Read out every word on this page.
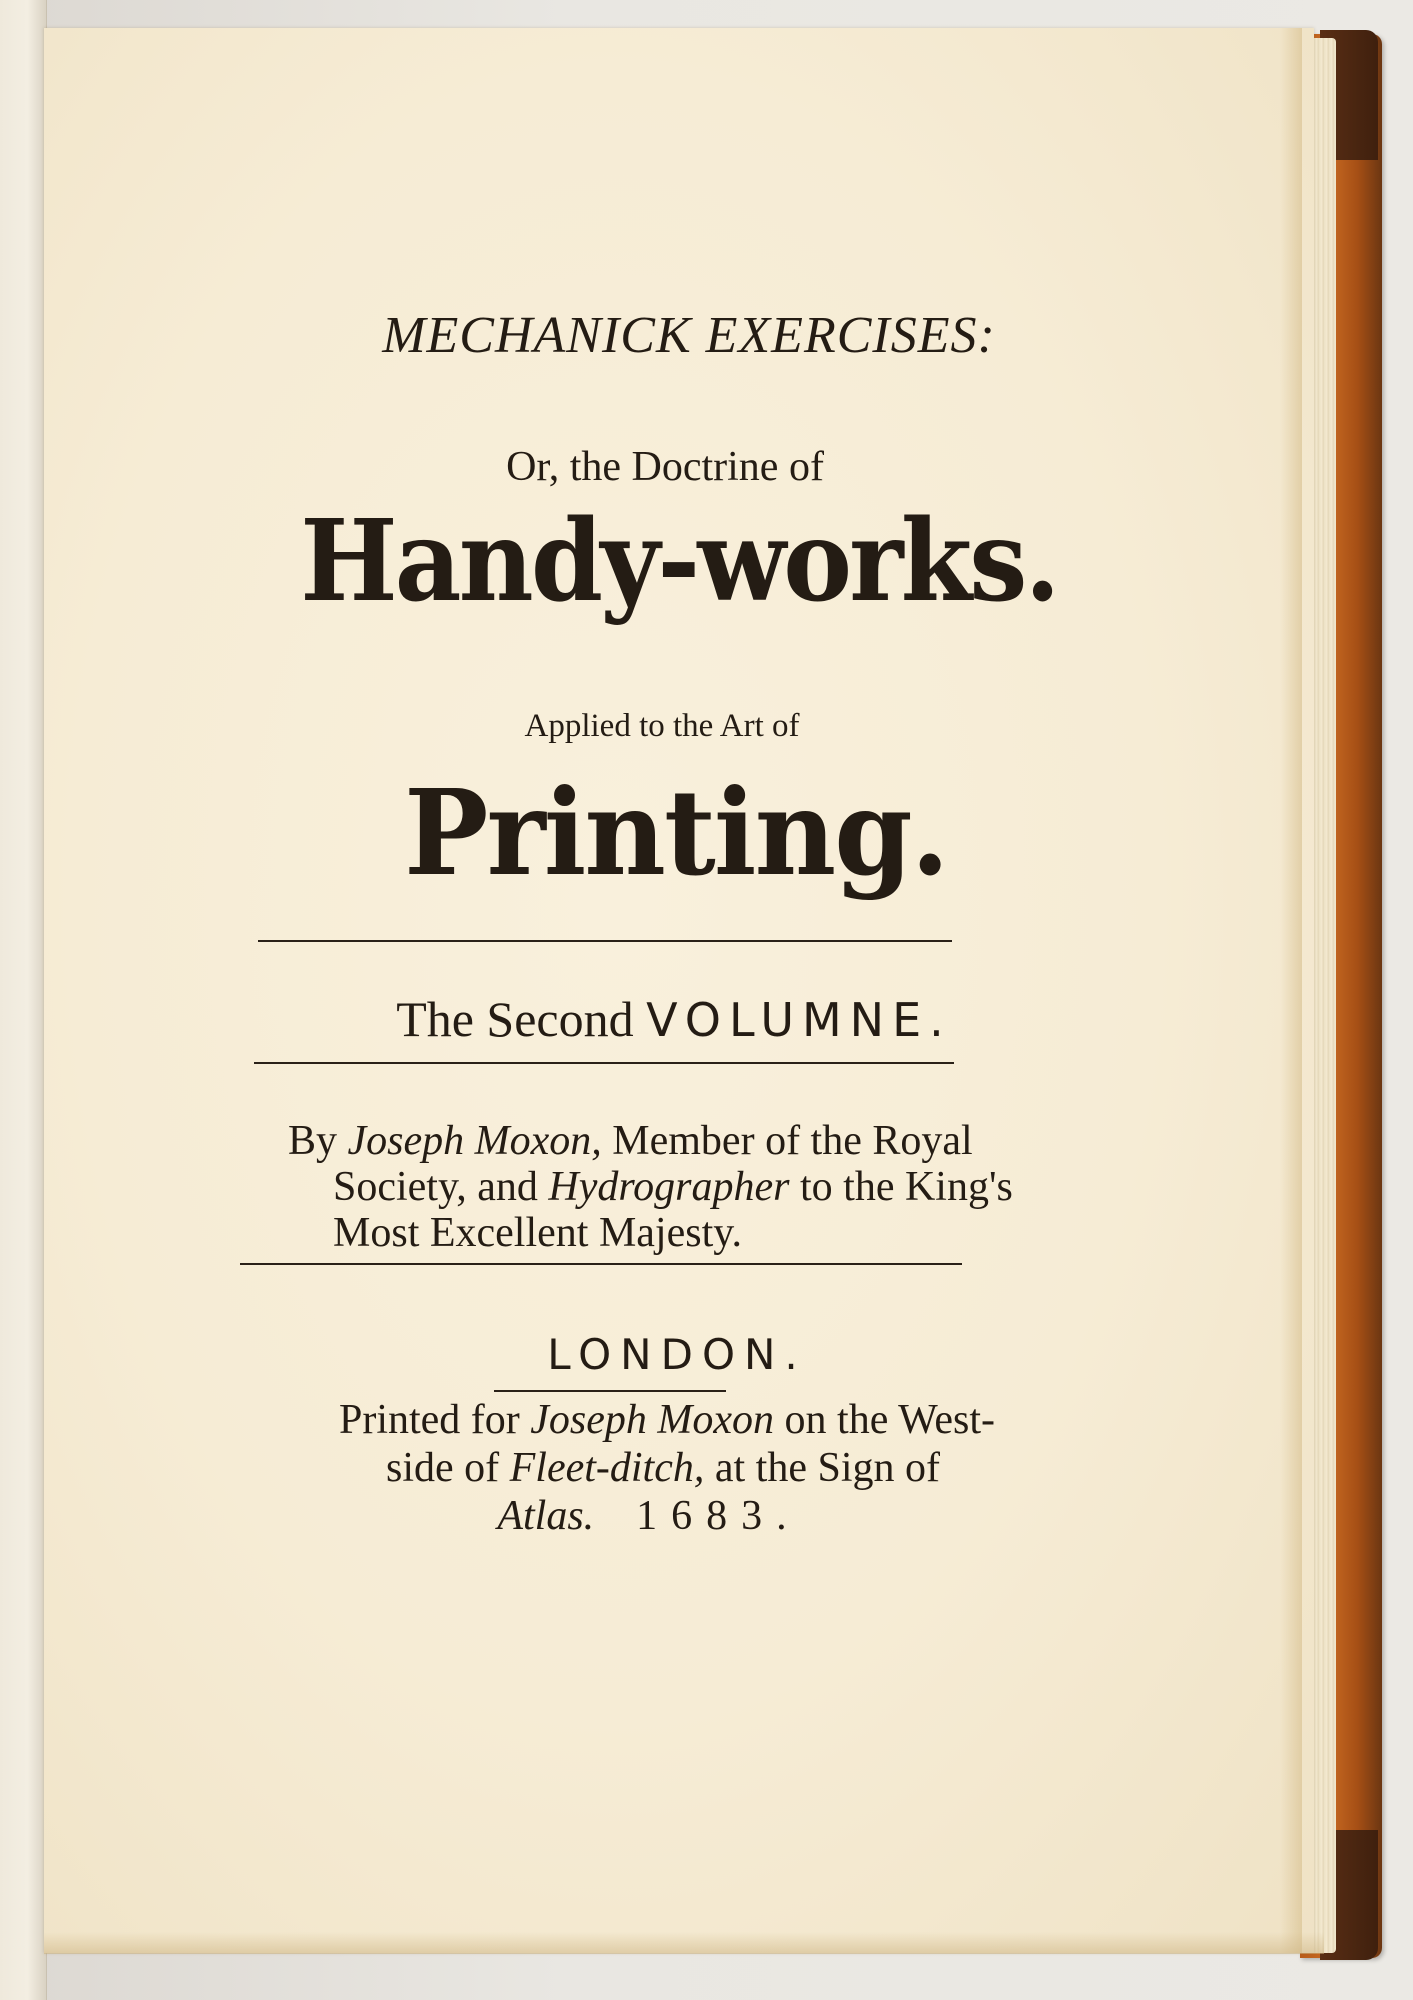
MECHANICK EXERCISES:
Or, the Doctrine of
Handy-works.
Applied to the Art of
Printing.
The Second VOLUMNE.
By Joseph Moxon, Member of the Royal
Society, and Hydrographer to the King's
Most Excellent Majesty.
LONDON.
Printed for Joseph Moxon on the West-
side of Fleet-ditch, at the Sign of
Atlas. 1683.
